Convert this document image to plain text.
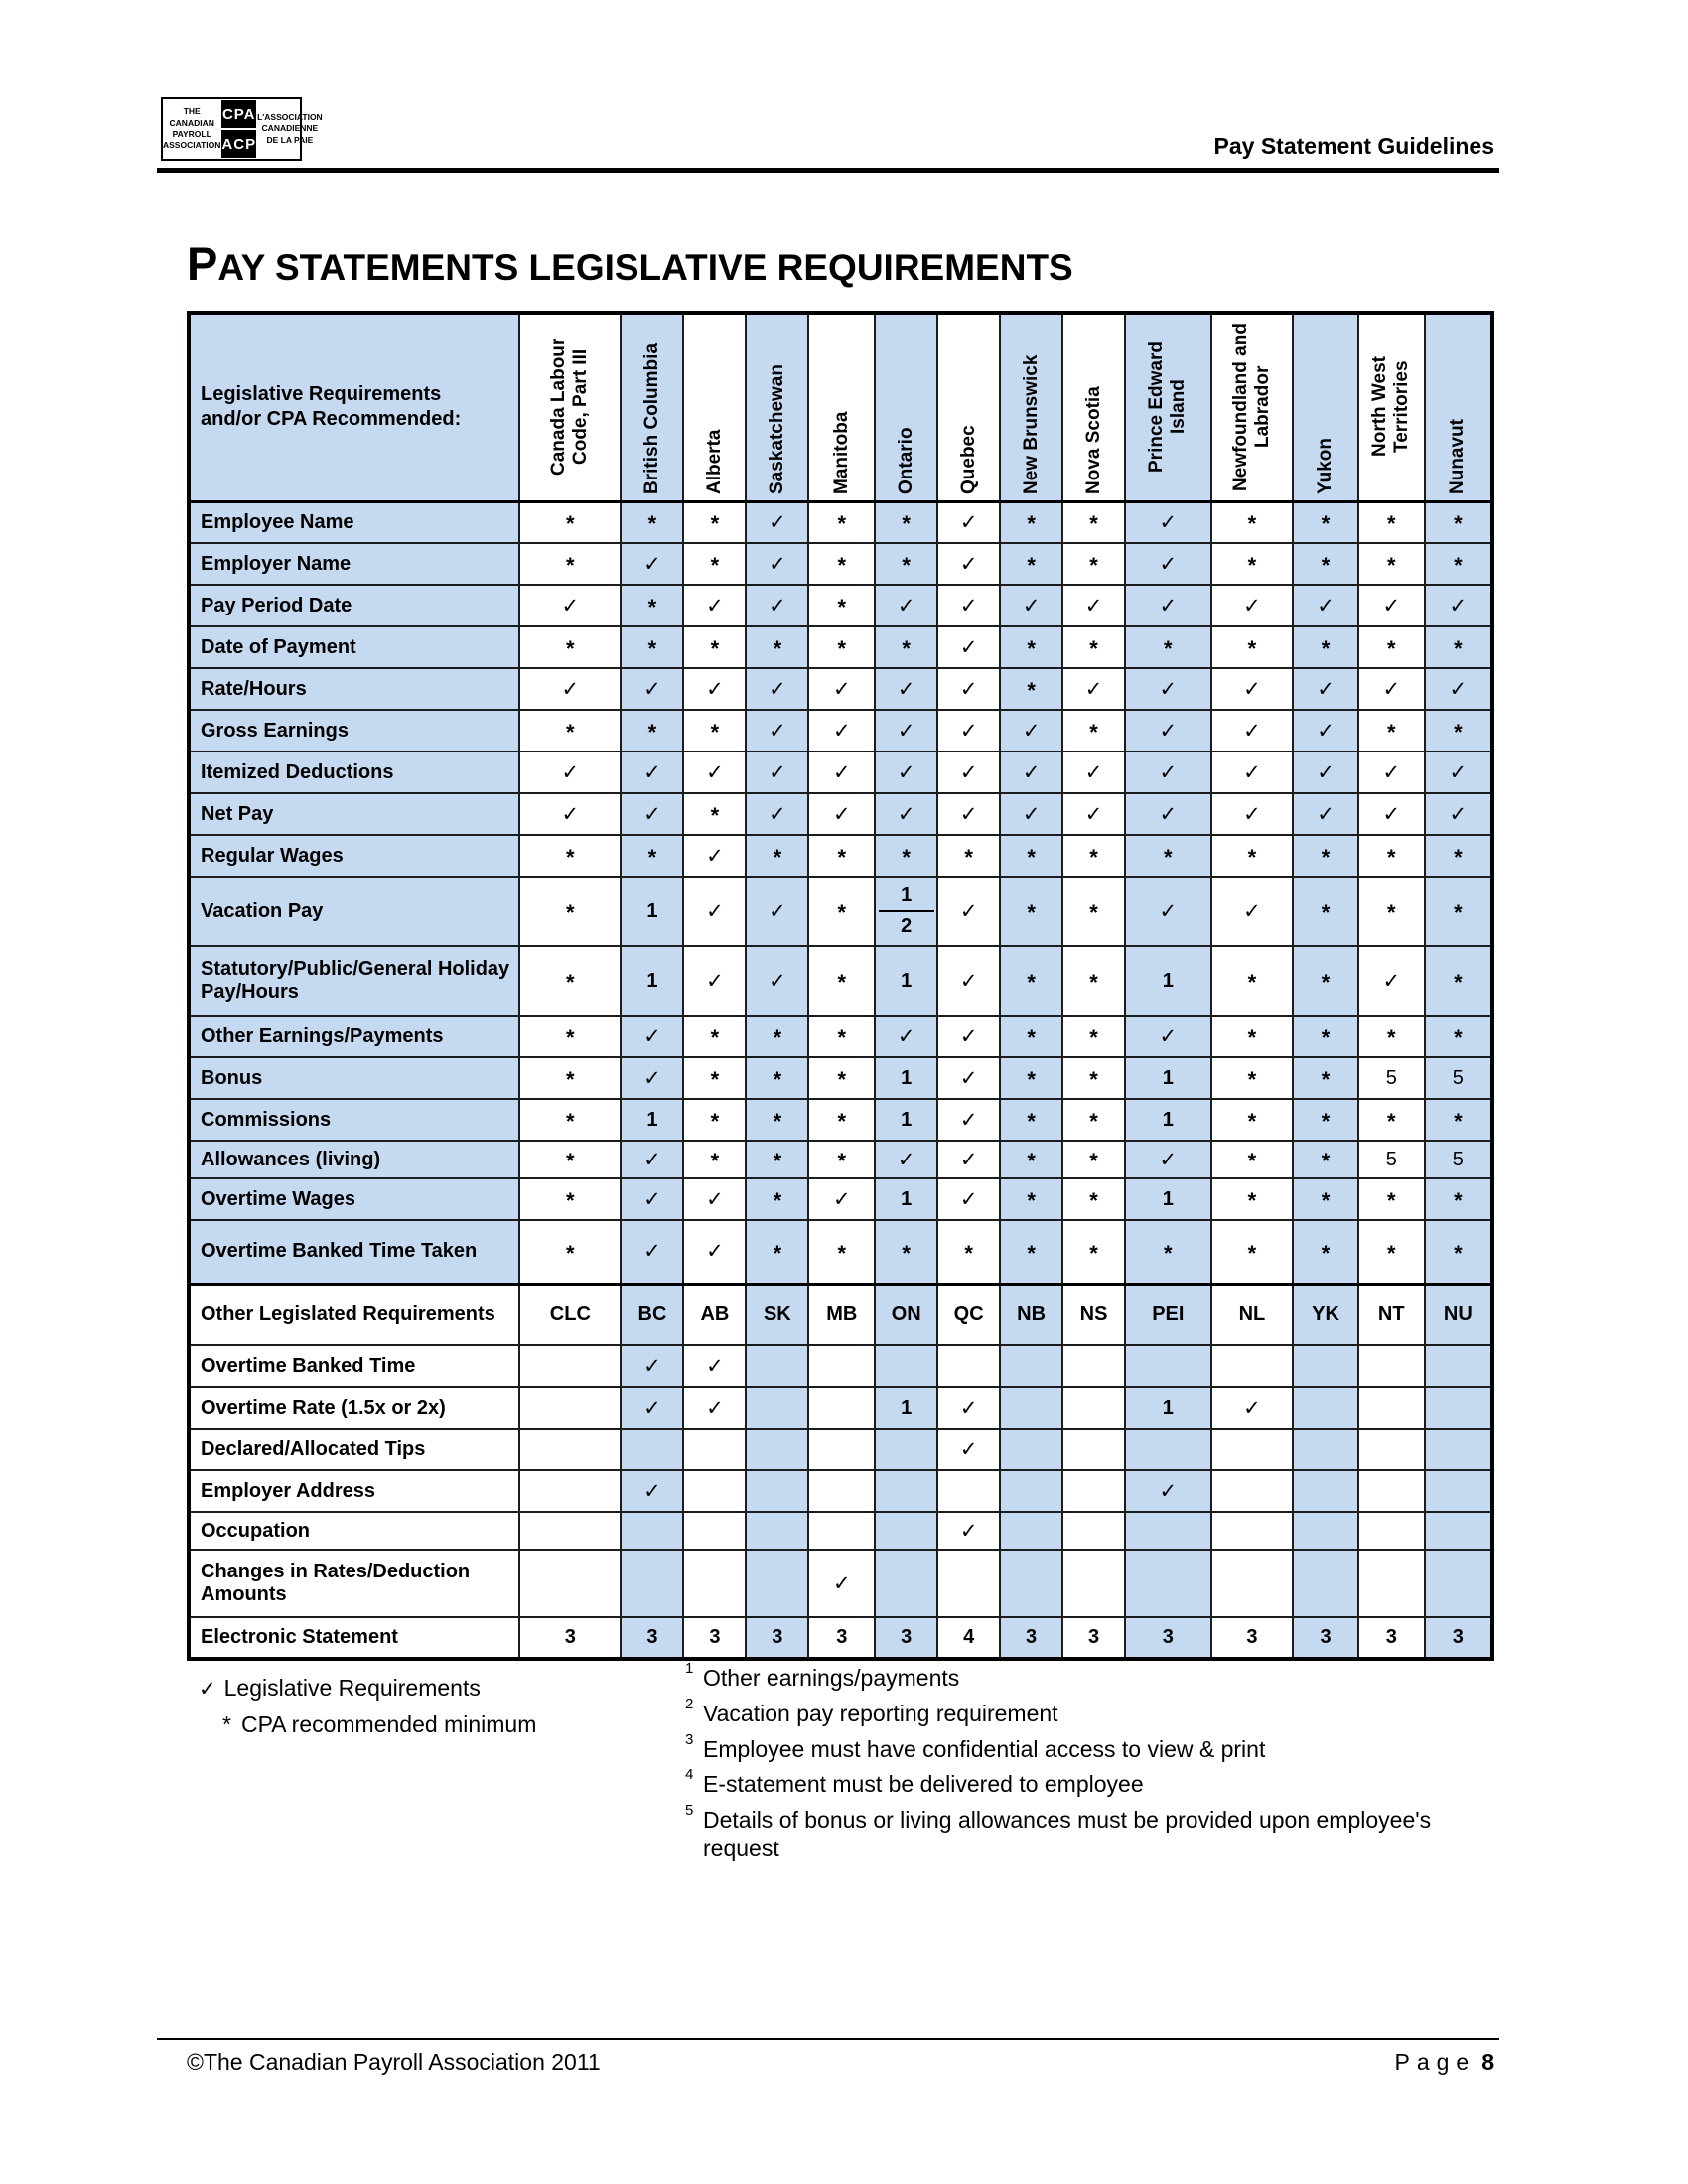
THE CANADIAN
PAYROLL
ASSOCIATION
CPA
ACP
L'ASSOCIATION
CANADIENNE
DE LA PAIE	Pay Statement Guidelines
PAY STATEMENTS LEGISLATIVE REQUIREMENTS
Legislative Requirements and/or CPA Recommended:	Canada Labour Code, Part III	British Columbia	Alberta	Saskatchewan	Manitoba	Ontario	Quebec	New Brunswick	Nova Scotia	Prince Edward Island	Newfoundland and Labrador	Yukon	North West Territories	Nunavut

Employee Name	*	*	*	✓	*	*	✓	*	*	✓	*	*	*	*
Employer Name	*	✓	*	✓	*	*	✓	*	*	✓	*	*	*	*
Pay Period Date	✓	*	✓	✓	*	✓	✓	✓	✓	✓	✓	✓	✓	✓
Date of Payment	*	*	*	*	*	*	✓	*	*	*	*	*	*	*
Rate/Hours	✓	✓	✓	✓	✓	✓	✓	*	✓	✓	✓	✓	✓	✓
Gross Earnings	*	*	*	✓	✓	✓	✓	✓	*	✓	✓	✓	*	*
Itemized Deductions	✓	✓	✓	✓	✓	✓	✓	✓	✓	✓	✓	✓	✓	✓
Net Pay	✓	✓	*	✓	✓	✓	✓	✓	✓	✓	✓	✓	✓	✓
Regular Wages	*	*	✓	*	*	*	*	*	*	*	*	*	*	*
Vacation Pay	*	1	✓	✓	*	$\frac{1}{2}$	✓	*	*	✓	✓	*	*	*
Statutory/Public/General Holiday Pay/Hours	*	1	✓	✓	*	1	✓	*	*	1	*	*	✓	*
Other Earnings/Payments	*	✓	*	*	*	✓	✓	*	*	✓	*	*	*	*
Bonus	*	✓	*	*	*	1	✓	*	*	1	*	*	5	5
Commissions	*	1	*	*	*	1	✓	*	*	1	*	*	*	*
Allowances (living)	*	✓	*	*	*	✓	✓	*	*	✓	*	*	5	5
Overtime Wages	*	✓	✓	*	✓	1	✓	*	*	1	*	*	*	*
Overtime Banked Time Taken	*	✓	✓	*	*	*	*	*	*	*	*	*	*	*
Other Legislated Requirements	CLC	BC	AB	SK	MB	ON	QC	NB	NS	PEI	NL	YK	NT	NU
Overtime Banked Time		✓	✓											
Overtime Rate (1.5x or 2x)		✓	✓			1	✓			1	✓			
Declared/Allocated Tips							✓							
Employer Address		✓								✓				
Occupation							✓							
Changes in Rates/Deduction Amounts					✓									
Electronic Statement	3	3	3	3	3	3	4	3	3	3	3	3	3	3
✓ Legislative Requirements
* CPA recommended minimum
1 Other earnings/payments
2 Vacation pay reporting requirement
3 Employee must have confidential access to view & print
4 E-statement must be delivered to employee
5 Details of bonus or living allowances must be provided upon employee's request
©The Canadian Payroll Association 2011	Page 8
